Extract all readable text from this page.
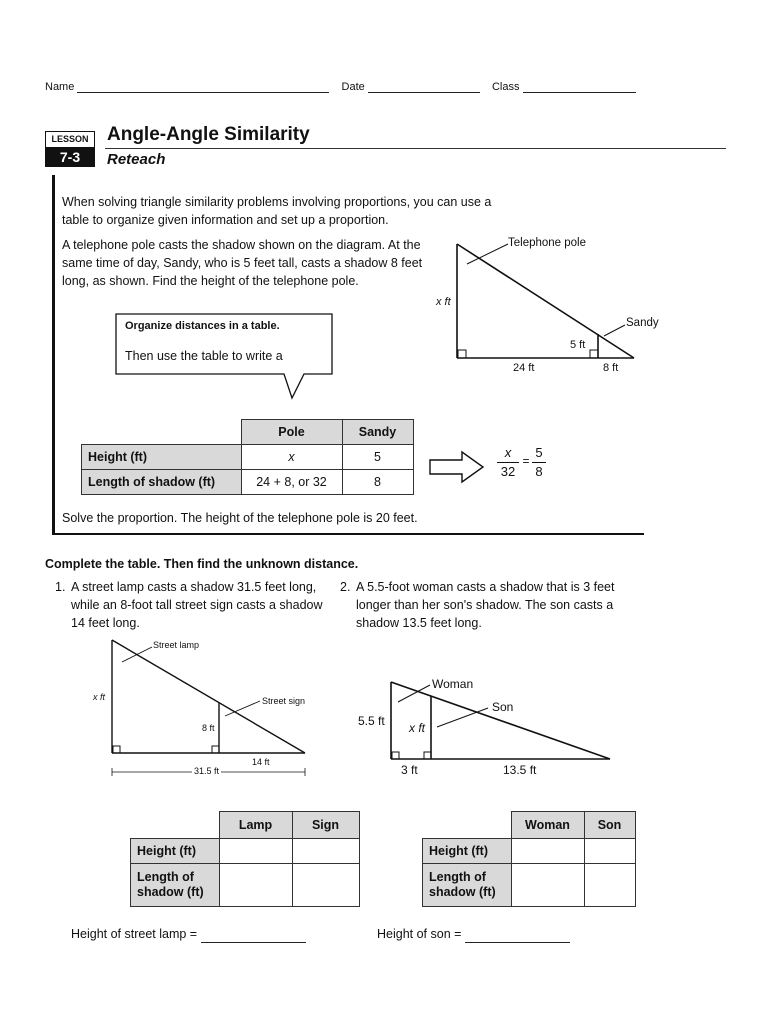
Name	Date	Class
LESSON
7-3
Angle-Angle Similarity
Reteach
When solving triangle similarity problems involving proportions, you can use a table to organize given information and set up a proportion.
A telephone pole casts the shadow shown on the diagram. At the same time of day, Sandy, who is 5 feet tall, casts a shadow 8 feet long, as shown. Find the height of the telephone pole.
Organize distances in a table.
Then use the table to write a
Telephone pole
Sandy
x ft
5 ft
24 ft	8 ft
	Pole	Sandy
Height (ft)	x	5
Length of shadow (ft)	24 + 8, or 32	8
x
32
=
5
8
Solve the proportion. The height of the telephone pole is 20 feet.
Complete the table. Then find the unknown distance.
1. A street lamp casts a shadow 31.5 feet long, while an 8-foot tall street sign casts a shadow 14 feet long.
2. A 5.5-foot woman casts a shadow that is 3 feet longer than her son's shadow. The son casts a shadow 13.5 feet long.
Street lamp
Street sign
x ft
8 ft
14 ft
31.5 ft
Woman
Son
5.5 ft x ft
3 ft	13.5 ft
	Lamp	Sign
Height (ft)		
Length of
shadow (ft)		
	Woman	Son
Height (ft)		
Length of
shadow (ft)		
Height of street lamp =	Height of son =
